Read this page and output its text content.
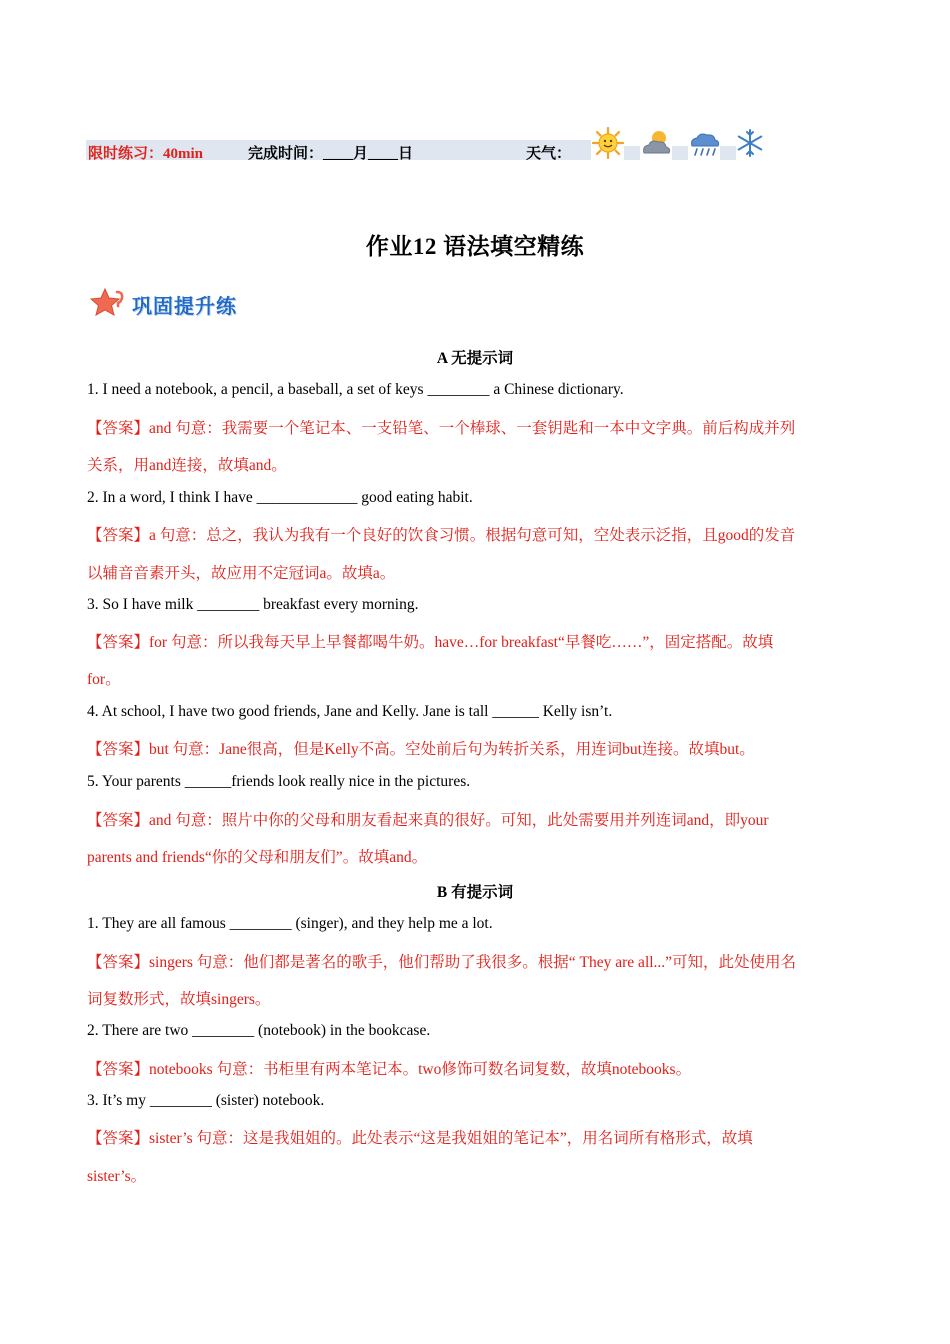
限时练习：40min	完成时间：____月____日	天气：
作业12 语法填空精练
巩固提升练
A 无提示词
1. I need a notebook, a pencil, a baseball, a set of keys ________ a Chinese dictionary.
【答案】and 句意：我需要一个笔记本、一支铅笔、一个棒球、一套钥匙和一本中文字典。前后构成并列
关系，用and连接，故填and。
2. In a word, I think I have _____________ good eating habit.
【答案】a 句意：总之，我认为我有一个良好的饮食习惯。根据句意可知，空处表示泛指，且good的发音
以辅音音素开头，故应用不定冠词a。故填a。
3. So I have milk ________ breakfast every morning.
【答案】for 句意：所以我每天早上早餐都喝牛奶。have…for breakfast“早餐吃……”，固定搭配。故填
for。
4. At school, I have two good friends, Jane and Kelly. Jane is tall ______ Kelly isn’t.
【答案】but 句意：Jane很高，但是Kelly不高。空处前后句为转折关系，用连词but连接。故填but。
5. Your parents ______friends look really nice in the pictures.
【答案】and 句意：照片中你的父母和朋友看起来真的很好。可知，此处需要用并列连词and，即your
parents and friends“你的父母和朋友们”。故填and。
B 有提示词
1. They are all famous ________ (singer), and they help me a lot.
【答案】singers 句意：他们都是著名的歌手，他们帮助了我很多。根据“ They are all...”可知，此处使用名
词复数形式，故填singers。
2. There are two ________ (notebook) in the bookcase.
【答案】notebooks 句意：书柜里有两本笔记本。two修饰可数名词复数，故填notebooks。
3. It’s my ________ (sister) notebook.
【答案】sister’s 句意：这是我姐姐的。此处表示“这是我姐姐的笔记本”，用名词所有格形式，故填
sister’s。
